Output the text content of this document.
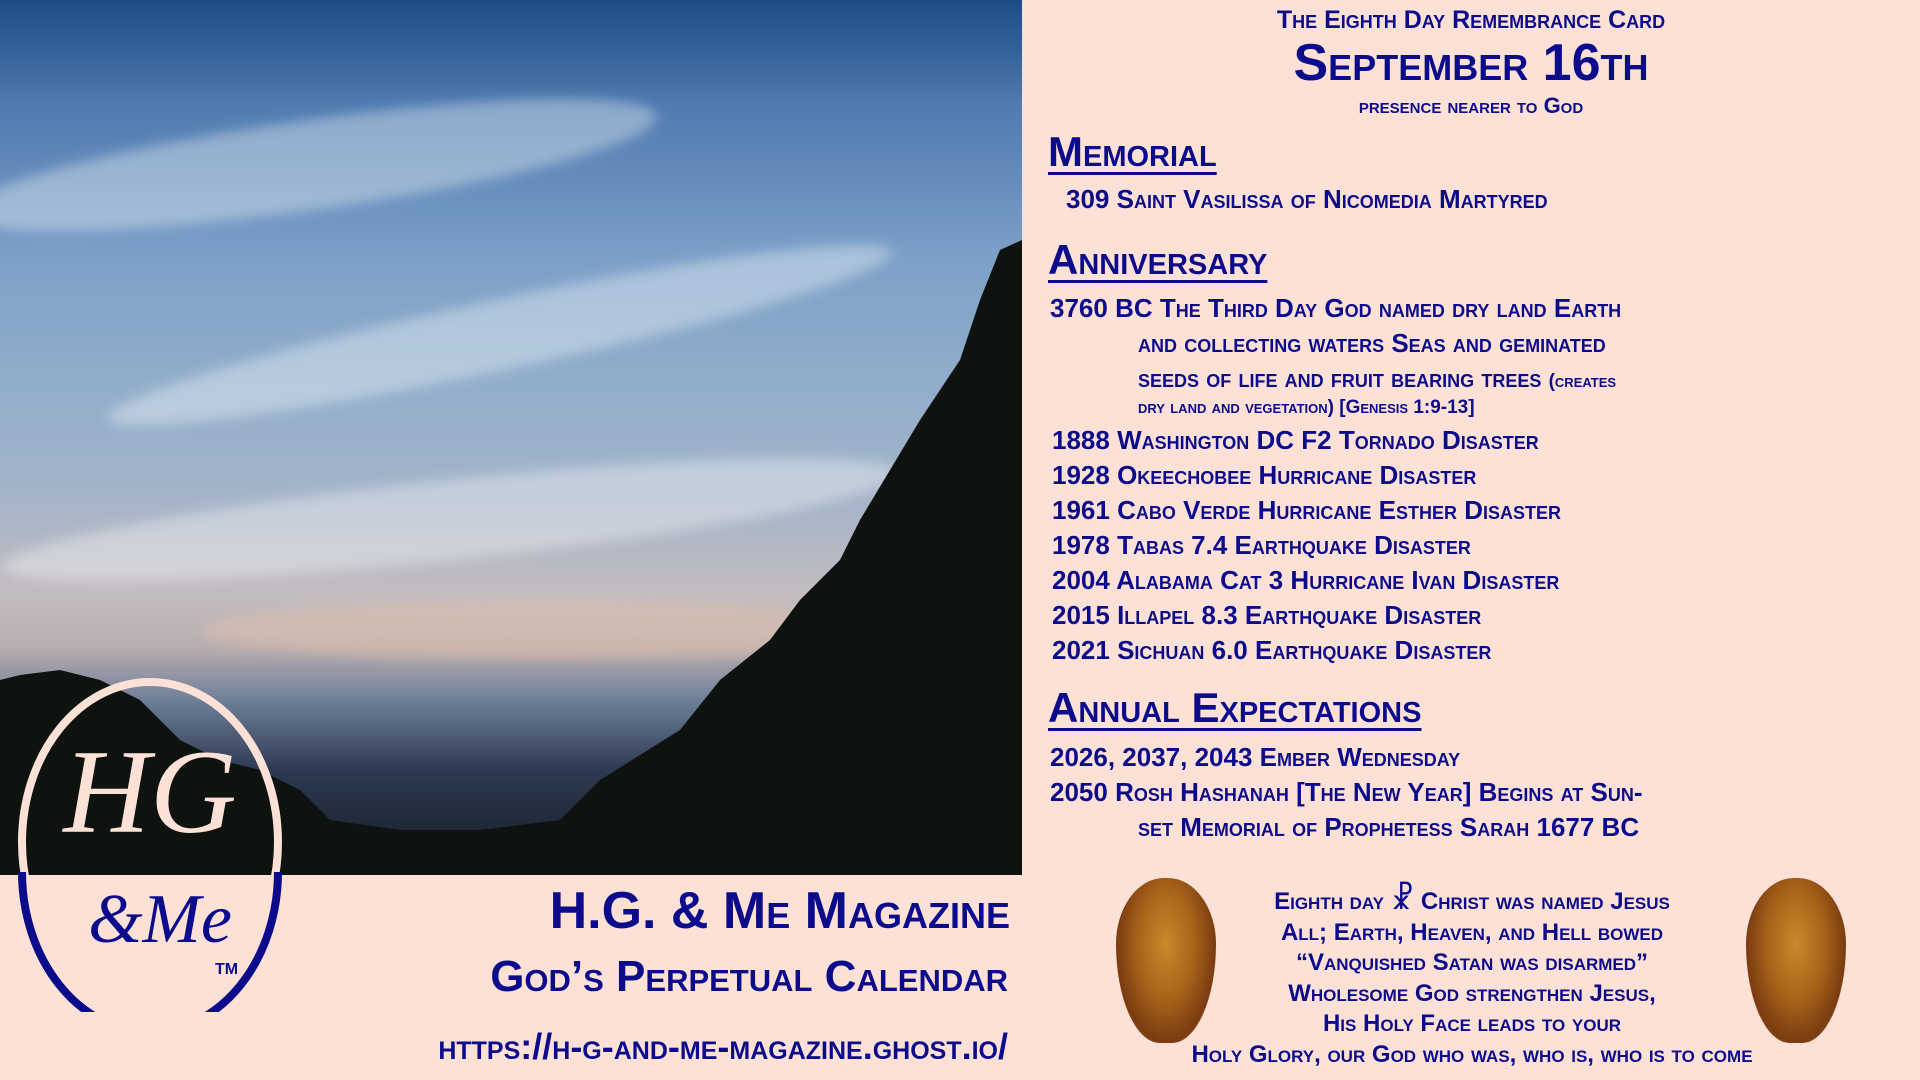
HG
&Me
TM
H.G. & Me Magazine
God’s Perpetual Calendar
https://h-g-and-me-magazine.ghost.io/
The Eighth Day Remembrance Card
September 16th
presence nearer to God
Memorial
309 Saint Vasilissa of Nicomedia Martyred
Anniversary
3760 BC The Third Day God named dry land Earth
and collecting waters Seas and geminated
seeds of life and fruit bearing trees (creates
dry land and vegetation) [Genesis 1:9-13]
1888 Washington DC F2 Tornado Disaster
1928 Okeechobee Hurricane Disaster
1961 Cabo Verde Hurricane Esther Disaster
1978 Tabas 7.4 Earthquake Disaster
2004 Alabama Cat 3 Hurricane Ivan Disaster
2015 Illapel 8.3 Earthquake Disaster
2021 Sichuan 6.0 Earthquake Disaster
Annual Expectations
2026, 2037, 2043 Ember Wednesday
2050 Rosh Hashanah [The New Year] Begins at Sun-
set Memorial of Prophetess Sarah 1677 BC
Eighth day ☧ Christ was named Jesus
All; Earth, Heaven, and Hell bowed
“Vanquished Satan was disarmed”
Wholesome God strengthen Jesus,
His Holy Face leads to your
Holy Glory, our God who was, who is, who is to come
